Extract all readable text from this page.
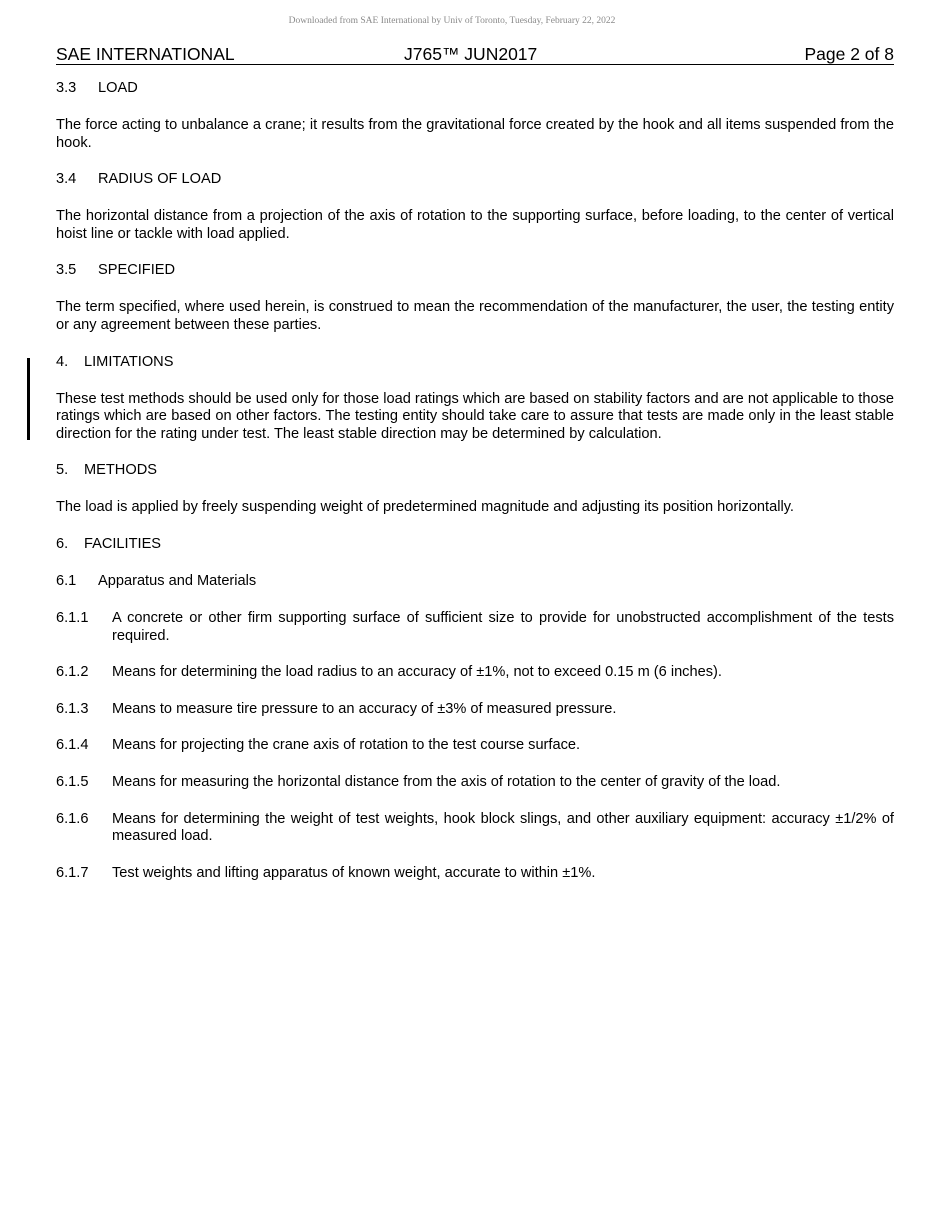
Downloaded from SAE International by Univ of Toronto, Tuesday, February 22, 2022
SAE INTERNATIONAL	J765™ JUN2017	Page 2 of 8
3.3 LOAD

The force acting to unbalance a crane; it results from the gravitational force created by the hook and all items suspended from the hook.

3.4 RADIUS OF LOAD

The horizontal distance from a projection of the axis of rotation to the supporting surface, before loading, to the center of vertical hoist line or tackle with load applied.

3.5 SPECIFIED

The term specified, where used herein, is construed to mean the recommendation of the manufacturer, the user, the testing entity or any agreement between these parties.

4. LIMITATIONS

These test methods should be used only for those load ratings which are based on stability factors and are not applicable to those ratings which are based on other factors. The testing entity should take care to assure that tests are made only in the least stable direction for the rating under test. The least stable direction may be determined by calculation.

5. METHODS

The load is applied by freely suspending weight of predetermined magnitude and adjusting its position horizontally.

6. FACILITIES
6.1 Apparatus and Materials
6.1.1 A concrete or other firm supporting surface of sufficient size to provide for unobstructed accomplishment of the tests required.
6.1.2 Means for determining the load radius to an accuracy of ±1%, not to exceed 0.15 m (6 inches).
6.1.3 Means to measure tire pressure to an accuracy of ±3% of measured pressure.
6.1.4 Means for projecting the crane axis of rotation to the test course surface.
6.1.5 Means for measuring the horizontal distance from the axis of rotation to the center of gravity of the load.
6.1.6 Means for determining the weight of test weights, hook block slings, and other auxiliary equipment: accuracy ±1/2% of measured load.
6.1.7 Test weights and lifting apparatus of known weight, accurate to within ±1%.
